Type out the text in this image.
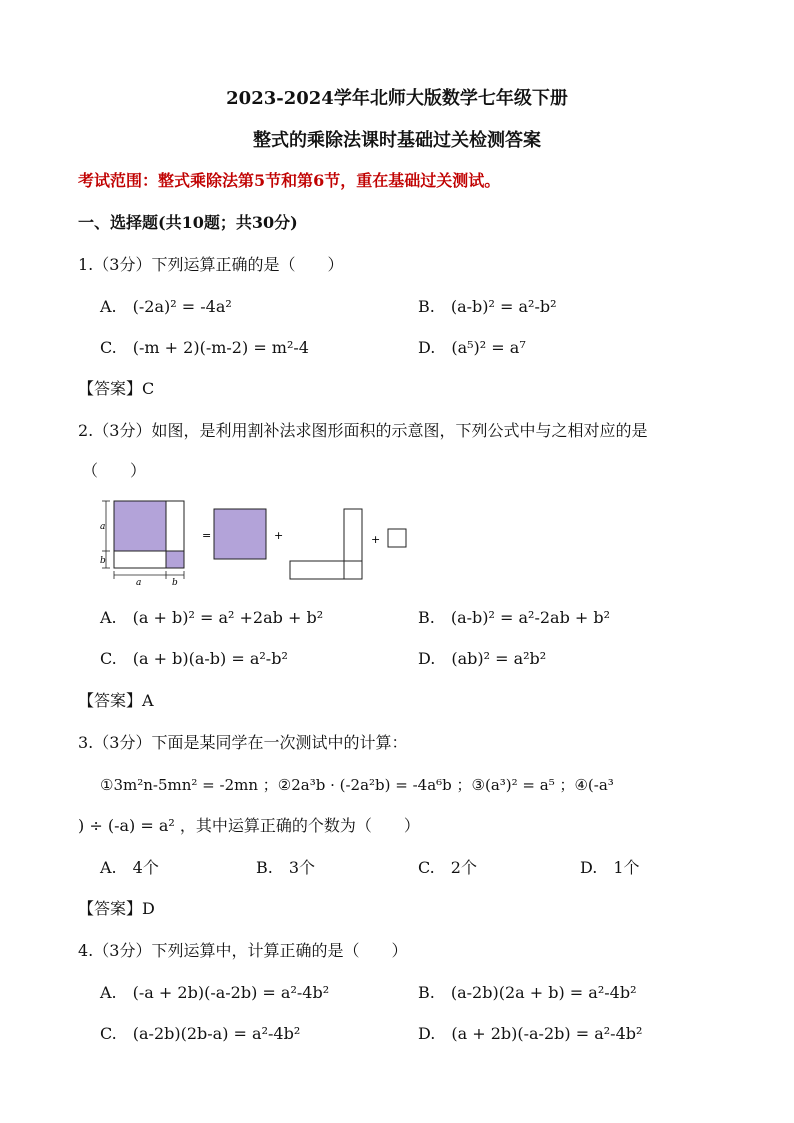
2023-2024学年北师大版数学七年级下册
整式的乘除法课时基础过关检测答案
考试范围：整式乘除法第5节和第6节，重在基础过关测试。
一、选择题(共10题；共30分)
1.（3分）下列运算正确的是（　　）
A.　(-2a)² = -4a²	B.　(a-b)² = a²-b²
C.　(-m + 2)(-m-2) = m²-4	D.　(a⁵)² = a⁷
【答案】C
2.（3分）如图，是利用割补法求图形面积的示意图，下列公式中与之相对应的是
（　　）
a
b
a	b
=	+	+
A.　(a + b)² = a² +2ab + b²	B.　(a-b)² = a²-2ab + b²
C.　(a + b)(a-b) = a²-b²	D.　(ab)² = a²b²
【答案】A
3.（3分）下面是某同学在一次测试中的计算：
①3m²n-5mn² = -2mn ；②2a³b · (-2a²b) = -4a⁶b ；③(a³)² = a⁵ ；④(-a³
) ÷ (-a) = a² ，其中运算正确的个数为（　　）
A.　4个	B.　3个	C.　2个	D.　1个
【答案】D
4.（3分）下列运算中，计算正确的是（　　）
A.　(-a + 2b)(-a-2b) = a²-4b²	B.　(a-2b)(2a + b) = a²-4b²
C.　(a-2b)(2b-a) = a²-4b²	D.　(a + 2b)(-a-2b) = a²-4b²
